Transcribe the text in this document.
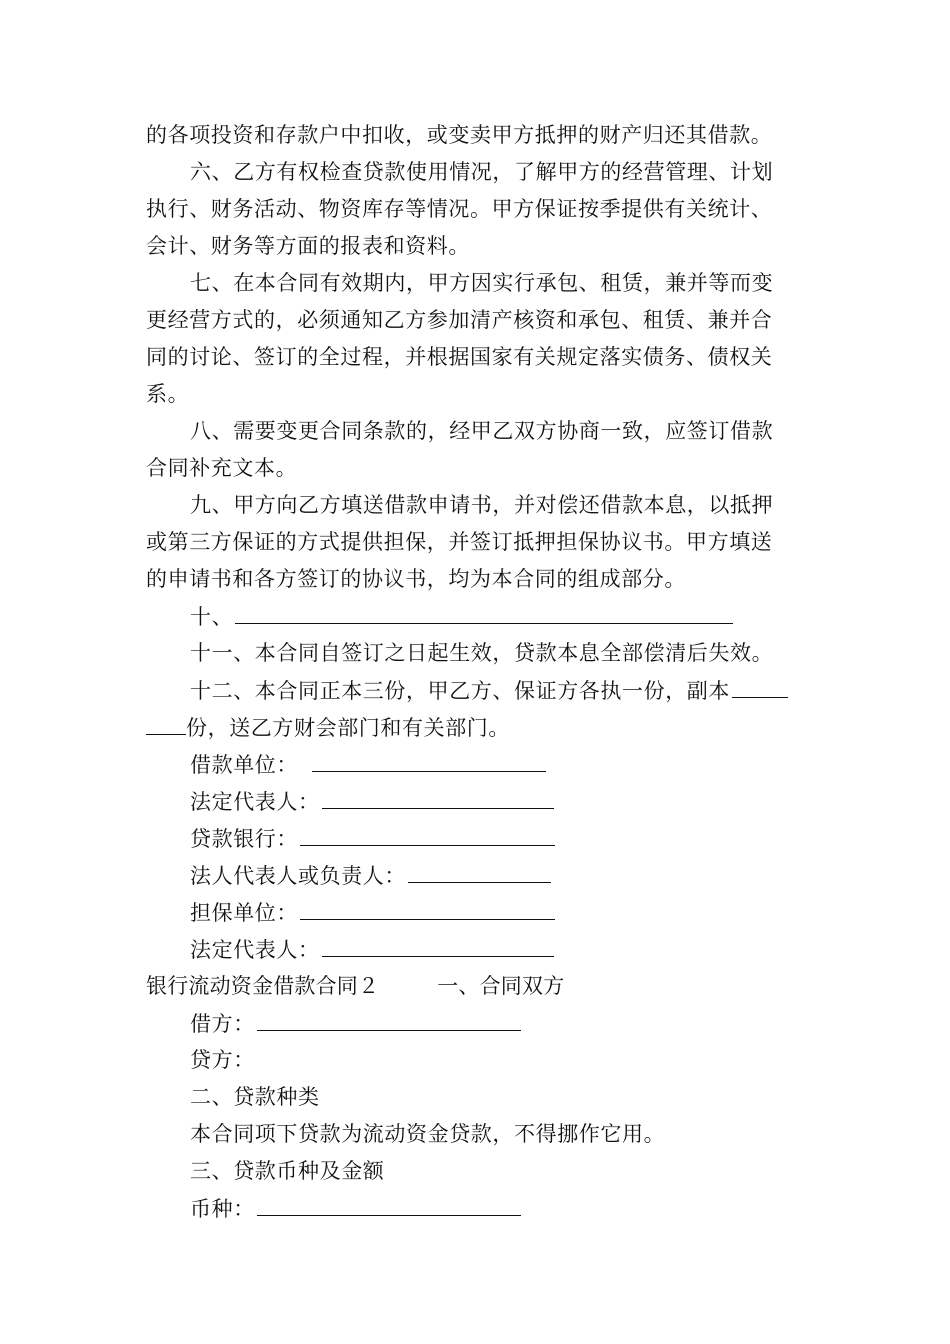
的各项投资和存款户中扣收，或变卖甲方抵押的财产归还其借款。
六、乙方有权检查贷款使用情况，了解甲方的经营管理、计划
执行、财务活动、物资库存等情况。甲方保证按季提供有关统计、
会计、财务等方面的报表和资料。
七、在本合同有效期内，甲方因实行承包、租赁，兼并等而变
更经营方式的，必须通知乙方参加清产核资和承包、租赁、兼并合
同的讨论、签订的全过程，并根据国家有关规定落实债务、债权关
系。
八、需要变更合同条款的，经甲乙双方协商一致，应签订借款
合同补充文本。
九、甲方向乙方填送借款申请书，并对偿还借款本息，以抵押
或第三方保证的方式提供担保，并签订抵押担保协议书。甲方填送
的申请书和各方签订的协议书，均为本合同的组成部分。
十、
十一、本合同自签订之日起生效，贷款本息全部偿清后失效。
十二、本合同正本三份，甲乙方、保证方各执一份，副本
份，送乙方财会部门和有关部门。
借款单位：
法定代表人：
贷款银行：
法人代表人或负责人：
担保单位：
法定代表人：
银行流动资金借款合同２	一、合同双方
借方：
贷方：
二、贷款种类
本合同项下贷款为流动资金贷款，不得挪作它用。
三、贷款币种及金额
币种：
